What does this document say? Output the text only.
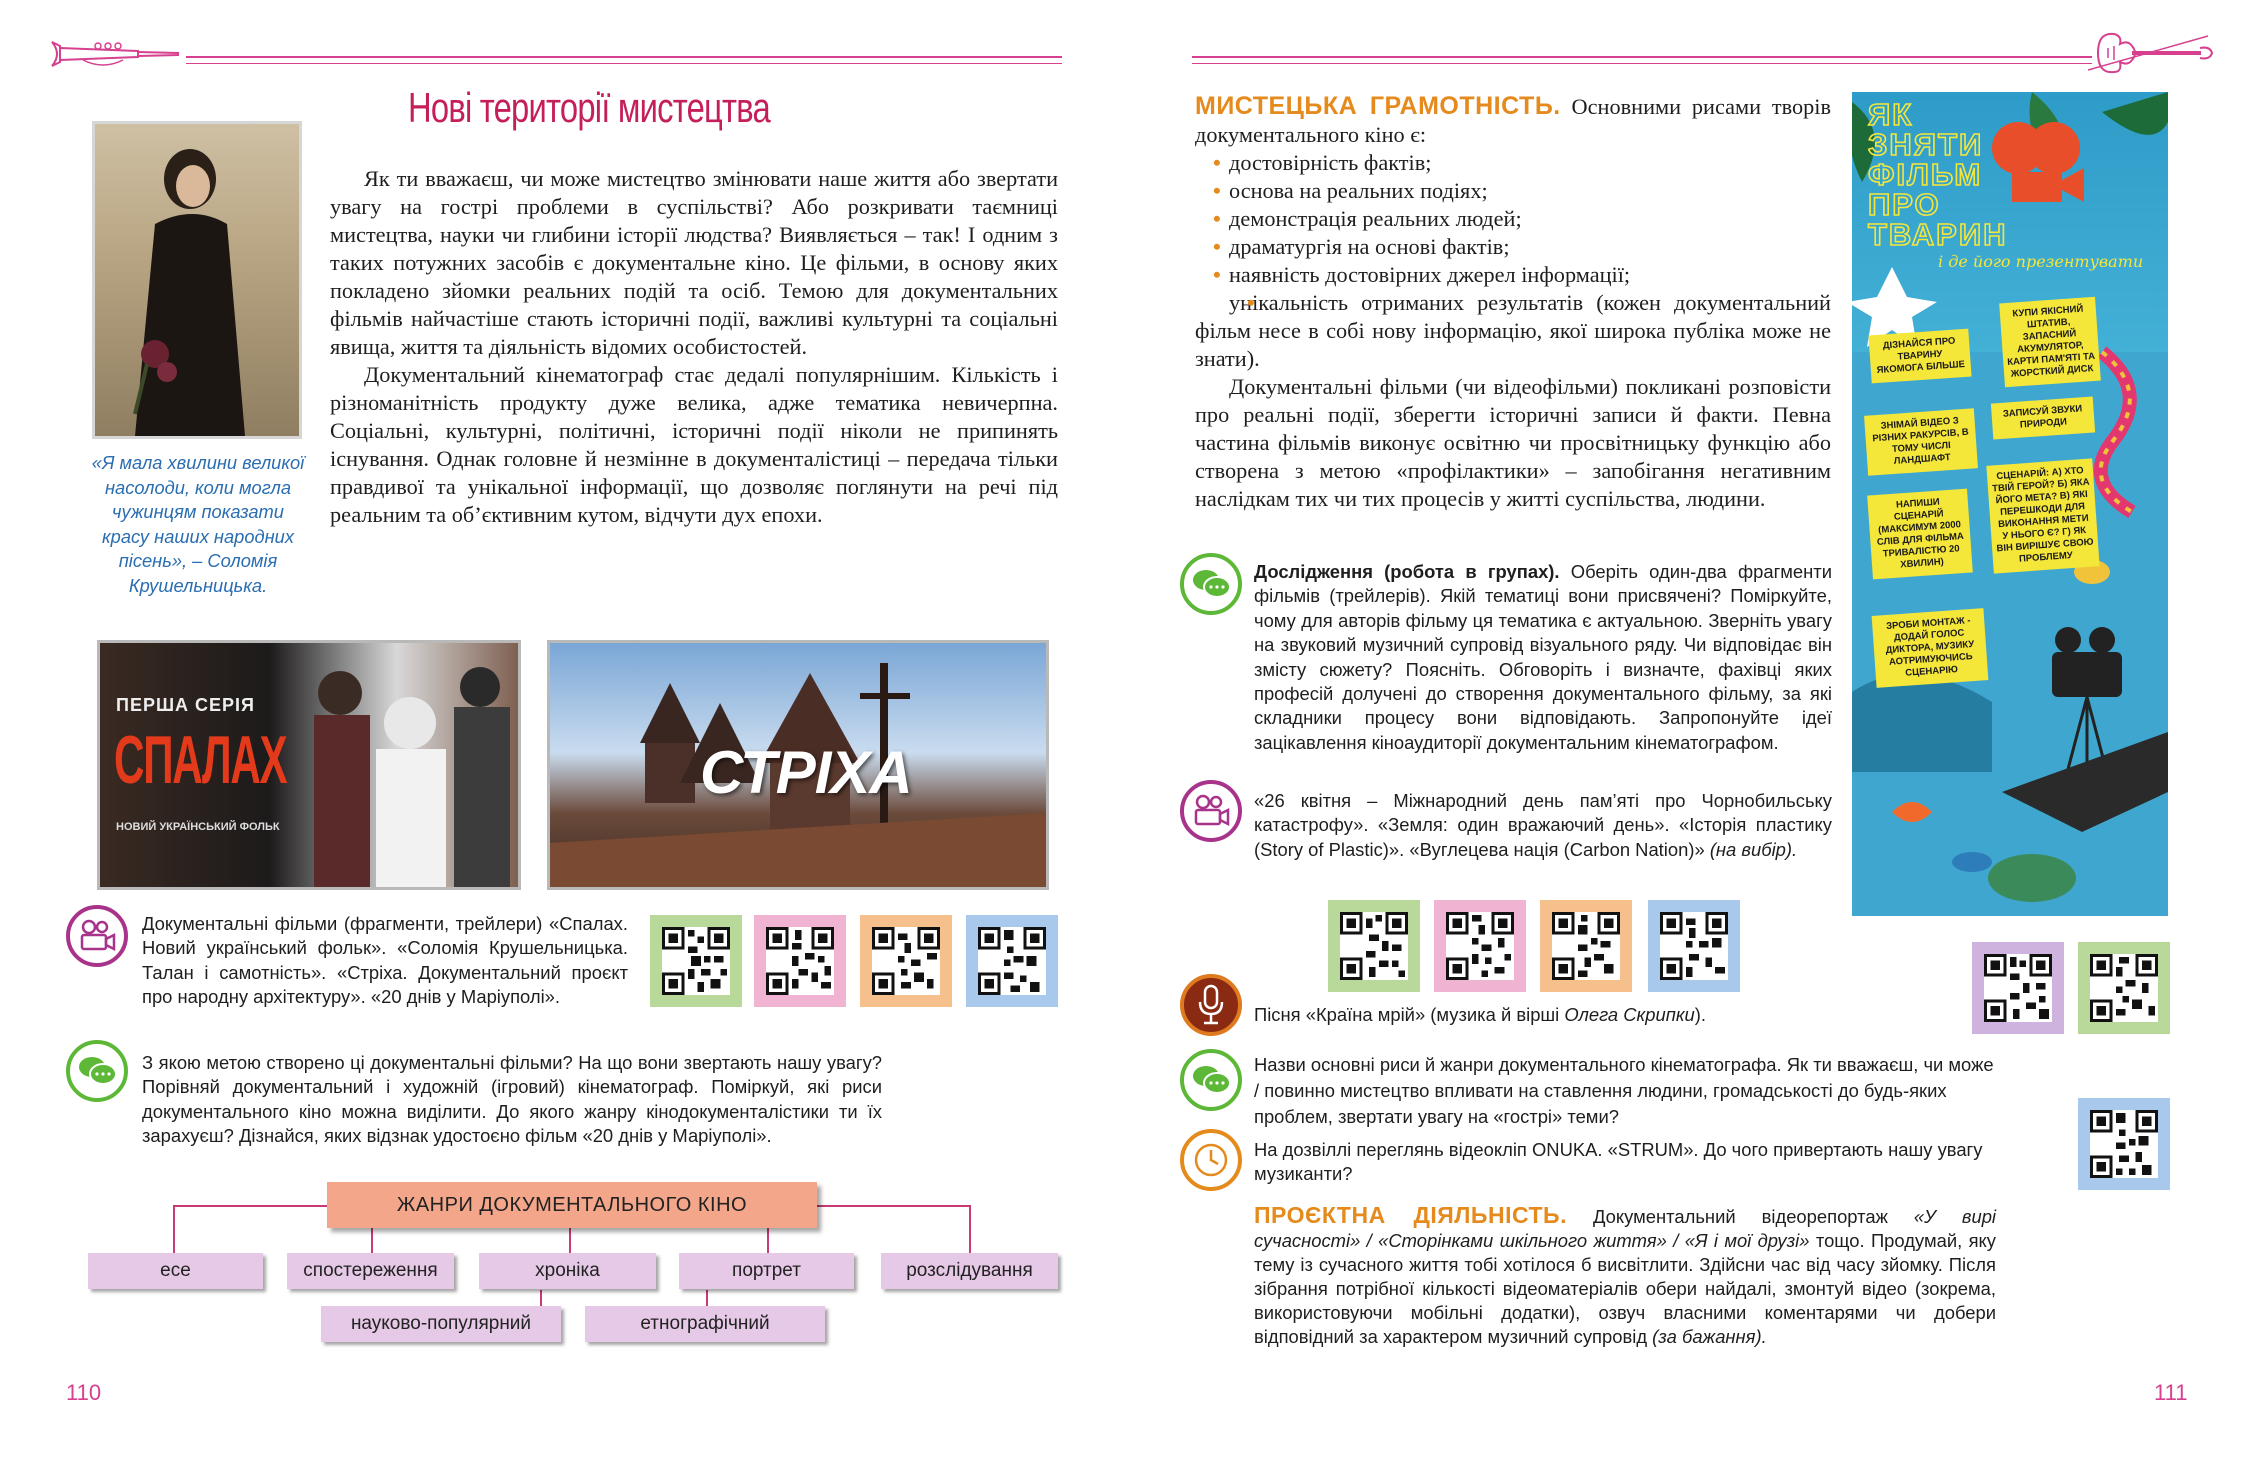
Нові території мистецтва
«Я мала хвилини великої насолоди, коли могла чужинцям показати красу наших народних пісень», – Соломія Крушельницька.

Як ти вважаєш, чи може мистецтво змінювати наше життя або звертати увагу на гострі проблеми в суспільстві? Або розкривати таємниці мистецтва, науки чи глибини історії людства? Виявляється – так! І одним з таких потужних засобів є документальне кіно. Це фільми, в основу яких покладено зйомки реальних подій та осіб. Темою для документальних фільмів найчастіше стають історичні події, важливі культурні та соціальні явища, життя та діяльність відомих особистостей.

Документальний кінематограф стає дедалі популярнішим. Кількість і різноманітність продукту дуже велика, адже тематика невичерпна. Соціальні, культурні, політичні, історичні події ніколи не припинять існування. Однак головне й незмінне в документалістиці – передача тільки правдивої та унікальної інформації, що дозволяє поглянути на речі під реальним та об’єктивним кутом, відчути дух епохи.

ПЕРША СЕРІЯ
СПАЛАХ
НОВИЙ УКРАЇНСЬКИЙ ФОЛЬК
СТРІХА
Документальні фільми (фрагменти, трейлери) «Спалах. Новий український фольк». «Соломія Крушельницька. Талан і самотність». «Стріха. Документальний проєкт про народну архітектуру». «20 днів у Маріуполі».
З якою метою створено ці документальні фільми? На що вони звертають нашу увагу? Порівняй документальний і художній (ігровий) кінематограф. Поміркуй, які риси документального кіно можна виділити. До якого жанру кінодокументалістики ти їх зарахуєш? Дізнайся, яких відзнак удостоєно фільм «20 днів у Маріуполі».
ЖАНРИ ДОКУМЕНТАЛЬНОГО КІНО
есе	спостереження	хроніка	портрет	розслідування
науково-популярний	етнографічний
110
МИСТЕЦЬКА ГРАМОТНІСТЬ. Основними рисами творів документального кіно є:
• достовірність фактів;
• основа на реальних подіях;
• демонстрація реальних людей;
• драматургія на основі фактів;
• наявність достовірних джерел інформації;
• унікальність отриманих результатів (кожен документальний фільм несе в собі нову інформацію, якої широка публіка може не знати).

Документальні фільми (чи відеофільми) покликані розповісти про реальні події, зберегти історичні записи й факти. Певна частина фільмів виконує освітню чи просвітницьку функцію або створена з метою «профілактики» – запобігання негативним наслідкам тих чи тих процесів у житті суспільства, людини.

ЯК
ЗНЯТИ
ФІЛЬМ
ПРО
ТВАРИН
і де його презентувати
ДІЗНАЙСЯ ПРО ТВАРИНУ ЯКОМОГА БІЛЬШЕ
КУПИ ЯКІСНИЙ ШТАТИВ, ЗАПАСНИЙ АКУМУЛЯТОР, КАРТИ ПАМ'ЯТІ ТА ЖОРСТКИЙ ДИСК
ЗНІМАЙ ВІДЕО З РІЗНИХ РАКУРСІВ, В ТОМУ ЧИСЛІ ЛАНДШАФТ
ЗАПИСУЙ ЗВУКИ ПРИРОДИ
НАПИШИ СЦЕНАРІЙ (МАКСИМУМ 2000 СЛІВ ДЛЯ ФІЛЬМА ТРИВАЛІСТЮ 20 ХВИЛИН)
СЦЕНАРІЙ: А) ХТО ТВІЙ ГЕРОЙ? Б) ЯКА ЙОГО МЕТА? В) ЯКІ ПЕРЕШКОДИ ДЛЯ ВИКОНАННЯ МЕТИ У НЬОГО Є? Г) ЯК ВІН ВИРІШУЄ СВОЮ ПРОБЛЕМУ
ЗРОБИ МОНТАЖ - ДОДАЙ ГОЛОС ДИКТОРА, МУЗИКУ АОТРИМУЮЧИСЬ СЦЕНАРІЮ
Дослідження (робота в групах). Оберіть один-два фрагменти фільмів (трейлерів). Якій тематиці вони присвячені? Поміркуйте, чому для авторів фільму ця тематика є актуальною. Зверніть увагу на звуковий музичний супровід візуального ряду. Чи відповідає він змісту сюжету? Поясніть. Обговоріть і визначте, фахівці яких професій долучені до створення документального фільму, за які складники процесу вони відповідають. Запропонуйте ідеї зацікавлення кіноаудиторії документальним кінематографом.
«26 квітня – Міжнародний день пам’яті про Чорнобильську катастрофу». «Земля: один вражаючий день». «Історія пластику (Story of Plastic)». «Вуглецева нація (Carbon Nation)» (на вибір).
Пісня «Країна мрій» (музика й вірші Олега Скрипки).
Назви основні риси й жанри документального кінематографа. Як ти вважаєш, чи може / повинно мистецтво впливати на ставлення людини, громадськості до будь-яких проблем, звертати увагу на «гострі» теми?
На дозвіллі переглянь відеокліп ONUKA. «STRUM». До чого привертають нашу увагу музиканти?
ПРОЄКТНА ДІЯЛЬНІСТЬ. Документальний відеорепортаж «У вирі сучасності» / «Сторінками шкільного життя» / «Я і мої друзі» тощо. Продумай, яку тему із сучасного життя тобі хотілося б висвітлити. Здійсни час від часу зйомку. Після зібрання потрібної кількості відеоматеріалів обери найдалі, змонтуй відео (зокрема, використовуючи мобільні додатки), озвуч власними коментарями чи добери відповідний за характером музичний супровід (за бажання).
111
